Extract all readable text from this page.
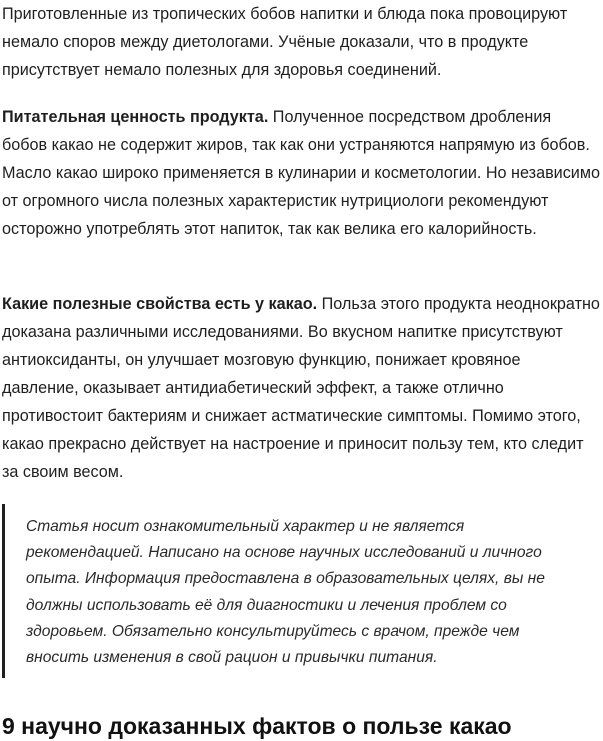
Приготовленные из тропических бобов напитки и блюда пока провоцируют немало споров между диетологами. Учёные доказали, что в продукте присутствует немало полезных для здоровья соединений.

Питательная ценность продукта. Полученное посредством дробления бобов какао не содержит жиров, так как они устраняются напрямую из бобов. Масло какао широко применяется в кулинарии и косметологии. Но независимо от огромного числа полезных характеристик нутрициологи рекомендуют осторожно употреблять этот напиток, так как велика его калорийность.

Какие полезные свойства есть у какао. Польза этого продукта неоднократно доказана различными исследованиями. Во вкусном напитке присутствуют антиоксиданты, он улучшает мозговую функцию, понижает кровяное давление, оказывает антидиабетический эффект, а также отлично противостоит бактериям и снижает астматические симптомы. Помимо этого, какао прекрасно действует на настроение и приносит пользу тем, кто следит за своим весом.

Статья носит ознакомительный характер и не является рекомендацией. Написано на основе научных исследований и личного опыта. Информация предоставлена в образовательных целях, вы не должны использовать её для диагностики и лечения проблем со здоровьем. Обязательно консультируйтесь с врачом, прежде чем вносить изменения в свой рацион и привычки питания.

9 научно доказанных фактов о пользе какао
